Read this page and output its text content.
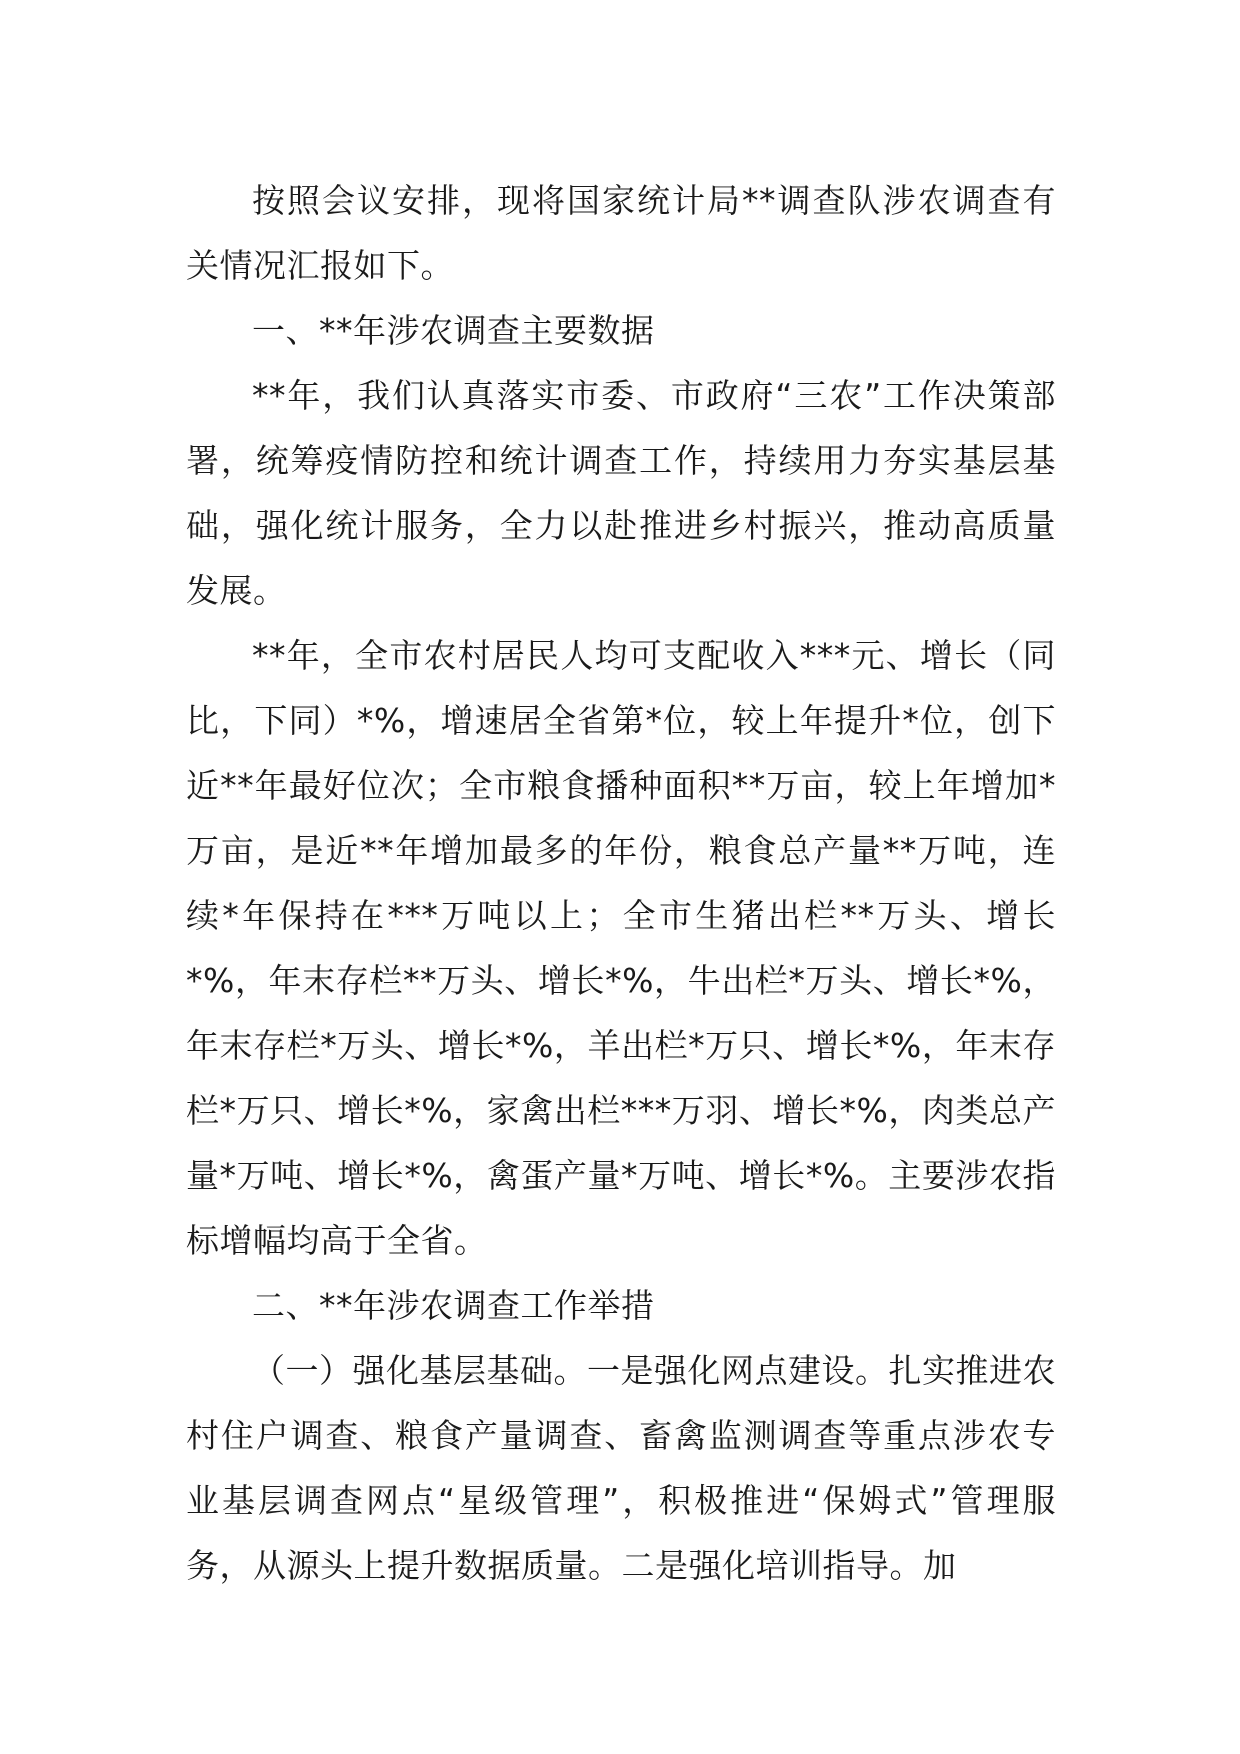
按照会议安排，现将国家统计局**调查队涉农调查有关情况汇报如下。

一、**年涉农调查主要数据

**年，我们认真落实市委、市政府“三农”工作决策部署，统筹疫情防控和统计调查工作，持续用力夯实基层基础，强化统计服务，全力以赴推进乡村振兴，推动高质量发展。

**年，全市农村居民人均可支配收入***元、增长（同比，下同）*%，增速居全省第*位，较上年提升*位，创下近**年最好位次；全市粮食播种面积**万亩，较上年增加*万亩，是近**年增加最多的年份，粮食总产量**万吨，连续*年保持在***万吨以上；全市生猪出栏**万头、增长*%，年末存栏**万头、增长*%，牛出栏*万头、增长*%，年末存栏*万头、增长*%，羊出栏*万只、增长*%，年末存栏*万只、增长*%，家禽出栏***万羽、增长*%，肉类总产量*万吨、增长*%，禽蛋产量*万吨、增长*%。主要涉农指标增幅均高于全省。

二、**年涉农调查工作举措

（一）强化基层基础。一是强化网点建设。扎实推进农村住户调查、粮食产量调查、畜禽监测调查等重点涉农专业基层调查网点“星级管理”，积极推进“保姆式”管理服务，从源头上提升数据质量。二是强化培训指导。加
